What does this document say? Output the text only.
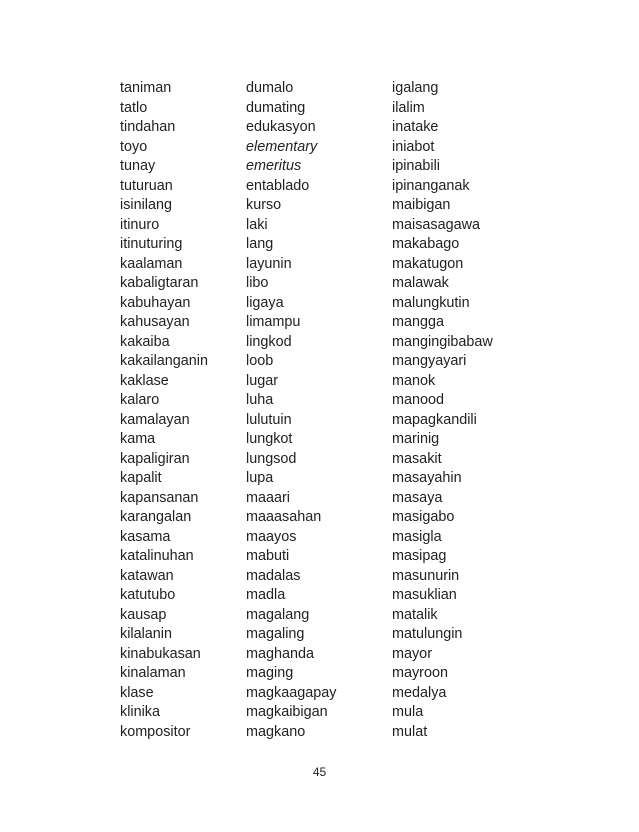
taniman
tatlo
tindahan
toyo
tunay
tuturuan
isinilang
itinuro
itinuturing
kaalaman
kabaligtaran
kabuhayan
kahusayan
kakaiba
kakailanganin
kaklase
kalaro
kamalayan
kama
kapaligiran
kapalit
kapansanan
karangalan
kasama
katalinuhan
katawan
katutubo
kausap
kilalanin
kinabukasan
kinalaman
klase
klinika
kompositor
dumalo
dumating
edukasyon
elementary
emeritus
entablado
kurso
laki
lang
layunin
libo
ligaya
limampu
lingkod
loob
lugar
luha
lulutuin
lungkot
lungsod
lupa
maaari
maaasahan
maayos
mabuti
madalas
madla
magalang
magaling
maghanda
maging
magkaagapay
magkaibigan
magkano
igalang
ilalim
inatake
iniabot
ipinabili
ipinanganak
maibigan
maisasagawa
makabago
makatugon
malawak
malungkutin
mangga
mangingibabaw
mangyayari
manok
manood
mapagkandili
marinig
masakit
masayahin
masaya
masigabo
masigla
masipag
masunurin
masuklian
matalik
matulungin
mayor
mayroon
medalya
mula
mulat
45
